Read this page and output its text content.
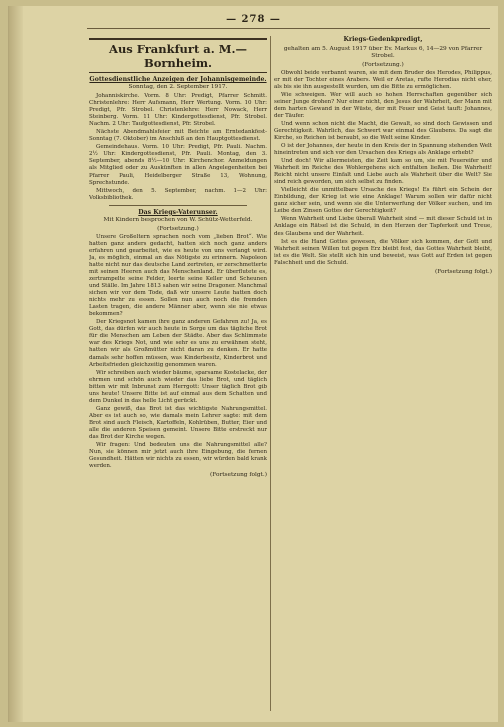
— 278 —
Aus Frankfurt a. M.—Bornheim.
Gottesdienstliche Anzeigen der Johannisgemeinde.
Sonntag, den 2. September 1917.

Johanniskirche. Vorm. 8 Uhr: Predigt, Pfarrer Schmitt. Christenlehre: Herr Aufsmann, Herr Wertung. Vorm. 10 Uhr: Predigt, Pfr. Strobel. Christenlehre: Herr Nowack, Herr Steinberg. Vorm. 11 Uhr: Kindergottesdienst, Pfr. Strobel. Nachm. 2 Uhr: Taufgottesdienst, Pfr. Strobel.

Nächste Abendmahlsfeier mit Beichte am Erntedankfest-Sonntag (7. Oktober) im Anschluß an den Hauptgottesdienst.

Gemeindehaus. Vorm. 10 Uhr: Predigt, Pfr. Pauli. Nachm. 2½ Uhr: Kindergottesdienst, Pfr. Pauli. Montag, den 3. September, abends 8½—10 Uhr: Kirchenchor. Anmeldungen als Mitglied oder zu Auskünften in allen Angelegenheiten bei Pfarrer Pauli, Heidelberger Straße 13, Wohnung, Sprechstunde.

Mittwoch, den 5. September, nachm. 1—2 Uhr: Volksbibliothek.

Das Kriegs-Vaterunser.
Mit Kindern besprochen von W. Schütz-Wetterfeld.
(Fortsetzung.)

Unsere Großeltern sprachen noch vom „lieben Brot“. Wie hatten ganz anders gedacht, hatten sich noch ganz anders erfahren und gearbeitet, wie es heute von uns verlangt wird. Ja, es möglich, einmal an das Nötigste zu erinnern. Napoleon hatte nicht nur das deutsche Land zertreten, er zerschmetterte mit seinen Heeren auch das Menschenland. Er überflutete es, zertrampelte seine Felder, leerte seine Keller und Scheunen und Ställe. Im Jahre 1813 sahen wir seine Dragoner. Manchmal sichen wir vor dem Tode, daß wir unsere Leute hatten doch nichts mehr zu essen. Sollen nun auch noch die fremden Lasten tragen, die andere Männer aber, wenn sie nie etwas bekommen?

Der Kriegsnot kamen ihre ganz anderen Gefahren zu! Ja, es Gott, das dürfen wir auch heute in Sorge um das tägliche Brot für die Menschen am Leben der Städte. Aber das Schlimmste war des Kriegs Not, und wie sehr es uns zu erwähnen steht, hatten wir als Großmütter nicht daran zu denken. Er hatte damals sehr hoffen müssen, was Kinderbesitz, Kinderbrot und Arbeitsfrieden gleichzeitig genommen waren.

Wir schreiben auch wieder bäume, sparsame Kostelacke, der ehrmen und schön auch wieder das liebe Brot, und täglich bitten wir mit Inbrunst zum Herrgott: Unser täglich Brot gib uns heute! Unsere Bitte ist auf einmal aus dem Schatten und dem Dunkel in das helle Licht gerückt.

Ganz gewiß, das Brot ist das wichtigste Nahrungsmittel. Aber es ist auch so, wie damals mein Lehrer sagte: mit dem Brot sind auch Fleisch, Kartoffeln, Kohlrüben, Butter, Eier und alle die anderen Speisen gemeint. Unsere Bitte erstreckt nur das Brot der Kirche wegen.

Wir fragen: Und bedeuten uns die Nahrungsmittel alle? Nun, sie können mir jetzt auch ihre Eingebung, die fernen Gesundheit. Hätten wir nichts zu essen, wir würden bald krank werden.

(Fortsetzung folgt.)
Kriegs-Gedenkpredigt,
gehalten am 5. August 1917 über Ev. Markus 6, 14—29 von Pfarrer Strobel.
(Fortsetzung.)

Obwohl beide verbannt waren, sie mit dem Bruder des Herodes, Philippus, er mit der Tochter eines Arabers. Weil er Aretas, rufte Herodias nicht eher, als bis sie ihn ausgestellt wurden, um die Bitte zu ermöglichen.

Wie schweigen. Wer will auch so hohen Herrschaften gegenüber sich seiner Junge drohen? Nur einer nicht, den Jesus der Wahrheit, der Mann mit dem harten Gewand in der Wüste, der mit Feuer und Geist tauft: Johannes, der Täufer.

Und wenn schon nicht die Macht, die Gewalt, so sind doch Gewissen und Gerechtigkeit. Wahrlich, das Schwert war einmal des Glaubens. Da sagt die Kirche, so Reichen ist beraubt, so die Welt seine Kinder.

O ist der Johannes, der heute in den Kreis der in Spannung stehenden Welt hineintreten und sich vor den Ursachen des Kriegs als Anklage erhebt?

Und doch! Wir allermeisten, die Zeit kam so um, sie mit Feuereifer und Wahrheit im Reiche des Wohlergehens sich entfalten ließen. Die Wahrheit! Reicht nicht unsere Einfalt und Liebe auch als Wahrheit über die Welt? Sie sind reich geworden, um sich selbst zu finden.

Vielleicht die unmittelbare Ursache des Kriegs! Es führt ein Schein der Einbildung, der Krieg ist wie eine Anklage! Warum sollen wir dafür nicht ganz sicher sein, und wenn sie die Unterwerfung der Völker suchen, und im Leibe den Zinsen Gottes der Gerechtigkeit?

Wenn Wahrheit und Liebe überall Wahrheit sind — mit dieser Schuld ist in Anklage ein Rätsel ist die Schuld, in den Herzen der Tapferkeit und Treue, des Glaubens und der Wahrheit.

Ist es die Hand Gottes gewesen, die Völker sich kommen, der Gott und Wahrheit seinen Willen tut gegen Erz bleibt fest, das Gottes Wahrheit bleibt, ist es die Welt. Sie stellt sich hin und beweist, was Gott auf Erden ist gegen Falschheit und die Schuld.

(Fortsetzung folgt.)
